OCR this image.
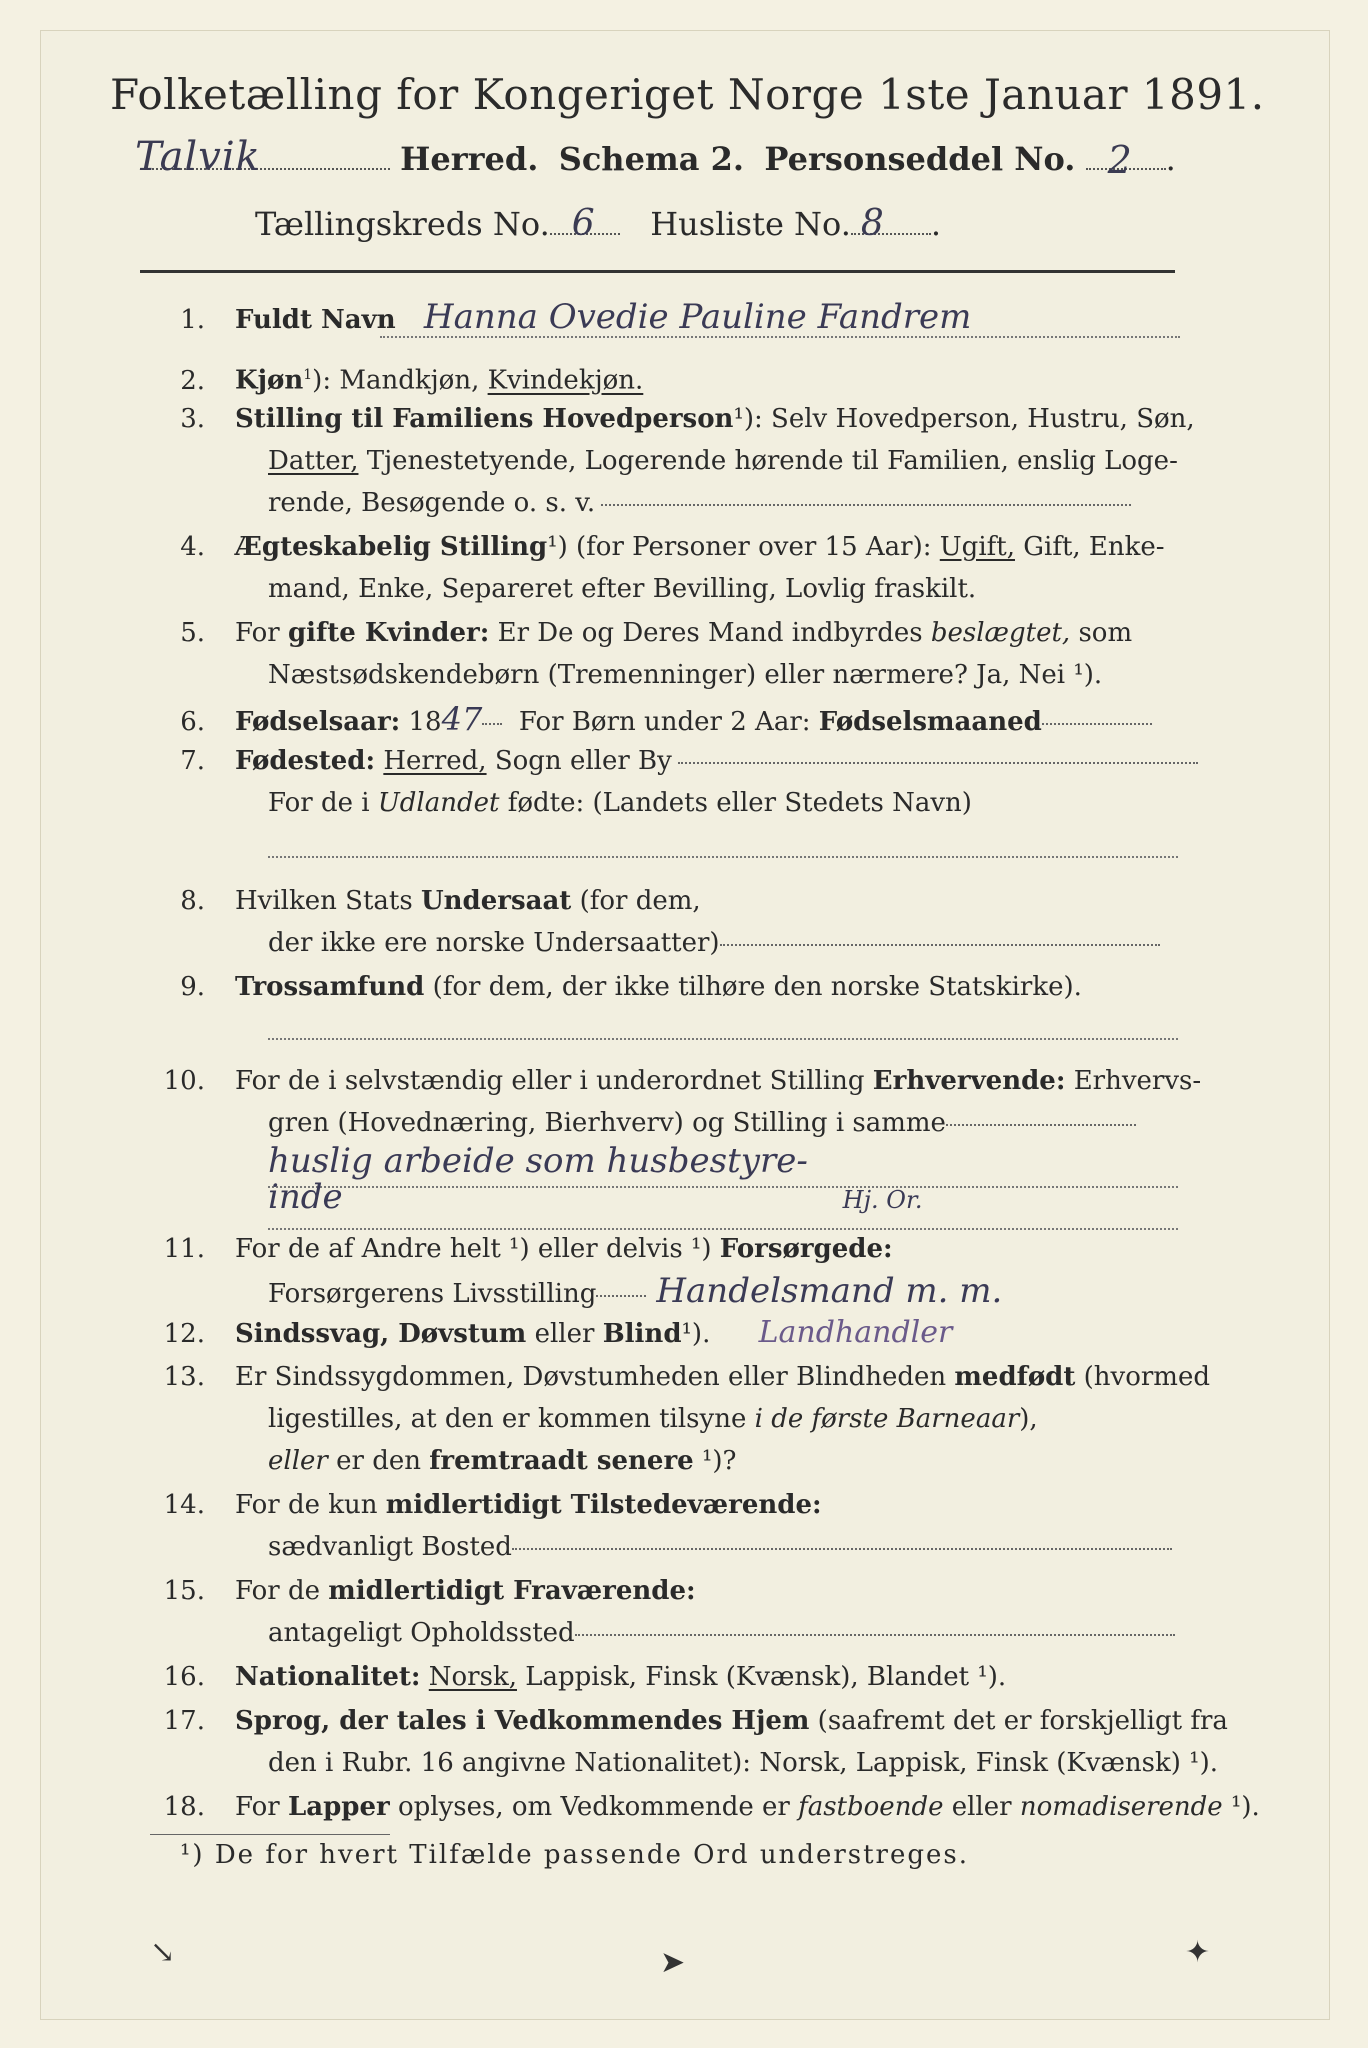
Folketælling for Kongeriget Norge 1ste Januar 1891.
Talvik	Herred. Schema 2. Personseddel No. 2 .
Tællingskreds No. 6 Husliste No. 8 .
1. Fuldt Navn Hanna Ovedie Pauline Fandrem
2. Kjøn$^1$): Mandkjøn, Kvindekjøn.
3. Stilling til Familiens Hovedperson¹): Selv Hovedperson, Hustru, Søn,
Datter, Tjenestetyende, Logerende hørende til Familien, enslig Loge-
rende, Besøgende o. s. v.
4. Ægteskabelig Stilling¹) (for Personer over 15 Aar): Ugift, Gift, Enke-
mand, Enke, Separeret efter Bevilling, Lovlig fraskilt.
5. For gifte Kvinder: Er De og Deres Mand indbyrdes beslægtet, som
Næstsødskendebørn (Tremenninger) eller nærmere? Ja, Nei ¹).
6. Fødselsaar: 1847 For Børn under 2 Aar: Fødselsmaaned
7. Fødested: Herred, Sogn eller By
For de i Udlandet fødte: (Landets eller Stedets Navn)
8. Hvilken Stats Undersaat (for dem,
der ikke ere norske Undersaatter)
9. Trossamfund (for dem, der ikke tilhøre den norske Statskirke).
10. For de i selvstændig eller i underordnet Stilling Erhvervende: Erhvervs-
gren (Hovednæring, Bierhverv) og Stilling i samme
huslig arbeide som husbestyre-
inde	Hj. Or.
11. For de af Andre helt ¹) eller delvis ¹) Forsørgede:
Forsørgerens Livsstilling Handelsmand m. m.
12. Sindssvag, Døvstum eller Blind¹). Landhandler
13. Er Sindssygdommen, Døvstumheden eller Blindheden medfødt (hvormed
ligestilles, at den er kommen tilsyne i de første Barneaar),
eller er den fremtraadt senere ¹)?
14. For de kun midlertidigt Tilstedeværende:
sædvanligt Bosted
15. For de midlertidigt Fraværende:
antageligt Opholdssted
16. Nationalitet: Norsk, Lappisk, Finsk (Kvænsk), Blandet ¹).
17. Sprog, der tales i Vedkommendes Hjem (saafremt det er forskjelligt fra
den i Rubr. 16 angivne Nationalitet): Norsk, Lappisk, Finsk (Kvænsk) ¹).
18. For Lapper oplyses, om Vedkommende er fastboende eller nomadiserende ¹).
¹) De for hvert Tilfælde passende Ord understreges.
↘	➤	✦
